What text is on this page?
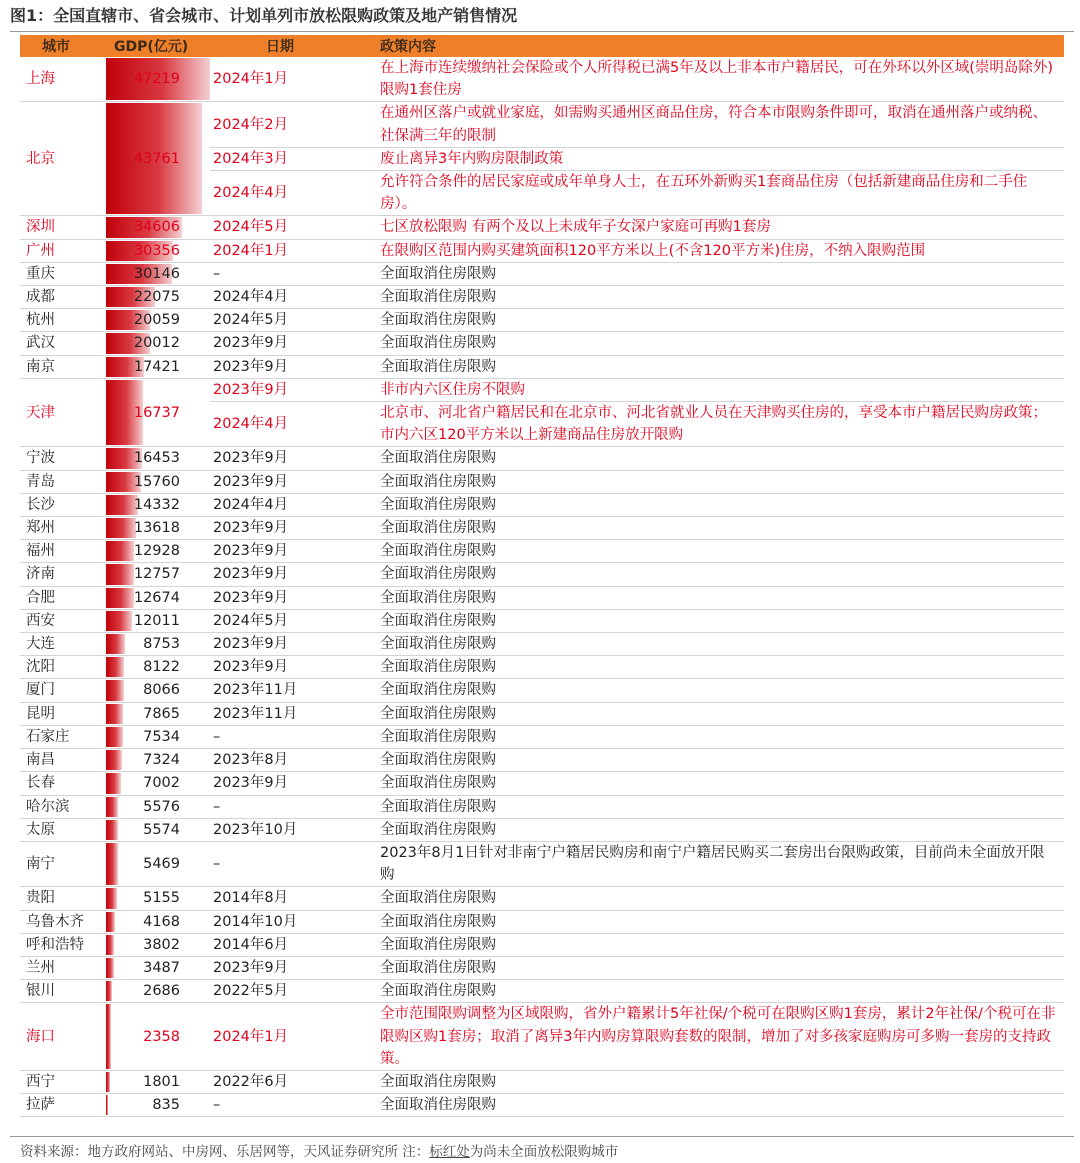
图1：全国直辖市、省会城市、计划单列市放松限购政策及地产销售情况
城市	GDP(亿元)	日期	政策内容
上海	47219	2024年1月	在上海市连续缴纳社会保险或个人所得税已满5年及以上非本市户籍居民，可在外环以外区域(崇明岛除外)限购1套住房
北京	43761	2024年2月	在通州区落户或就业家庭，如需购买通州区商品住房，符合本市限购条件即可，取消在通州落户或纳税、社保满三年的限制
		2024年3月	废止离异3年内购房限制政策
		2024年4月	允许符合条件的居民家庭或成年单身人士，在五环外新购买1套商品住房（包括新建商品住房和二手住房）。
深圳	34606	2024年5月	七区放松限购 有两个及以上未成年子女深户家庭可再购1套房
广州	30356	2024年1月	在限购区范围内购买建筑面积120平方米以上(不含120平方米)住房，不纳入限购范围
重庆	30146	–	全面取消住房限购
成都	22075	2024年4月	全面取消住房限购
杭州	20059	2024年5月	全面取消住房限购
武汉	20012	2023年9月	全面取消住房限购
南京	17421	2023年9月	全面取消住房限购
天津	16737	2023年9月	非市内六区住房不限购
		2024年4月	北京市、河北省户籍居民和在北京市、河北省就业人员在天津购买住房的，享受本市户籍居民购房政策；市内六区120平方米以上新建商品住房放开限购
宁波	16453	2023年9月	全面取消住房限购
青岛	15760	2023年9月	全面取消住房限购
长沙	14332	2024年4月	全面取消住房限购
郑州	13618	2023年9月	全面取消住房限购
福州	12928	2023年9月	全面取消住房限购
济南	12757	2023年9月	全面取消住房限购
合肥	12674	2023年9月	全面取消住房限购
西安	12011	2024年5月	全面取消住房限购
大连	8753	2023年9月	全面取消住房限购
沈阳	8122	2023年9月	全面取消住房限购
厦门	8066	2023年11月	全面取消住房限购
昆明	7865	2023年11月	全面取消住房限购
石家庄	7534	–	全面取消住房限购
南昌	7324	2023年8月	全面取消住房限购
长春	7002	2023年9月	全面取消住房限购
哈尔滨	5576	–	全面取消住房限购
太原	5574	2023年10月	全面取消住房限购
南宁	5469	–	2023年8月1日针对非南宁户籍居民购房和南宁户籍居民购买二套房出台限购政策，目前尚未全面放开限购
贵阳	5155	2014年8月	全面取消住房限购
乌鲁木齐	4168	2014年10月	全面取消住房限购
呼和浩特	3802	2014年6月	全面取消住房限购
兰州	3487	2023年9月	全面取消住房限购
银川	2686	2022年5月	全面取消住房限购
海口	2358	2024年1月	全市范围限购调整为区域限购，省外户籍累计5年社保/个税可在限购区购1套房，累计2年社保/个税可在非限购区购1套房；取消了离异3年内购房算限购套数的限制，增加了对多孩家庭购房可多购一套房的支持政策。
西宁	1801	2022年6月	全面取消住房限购
拉萨	835	–	全面取消住房限购
资料来源：地方政府网站、中房网、乐居网等，天风证券研究所 注：标红处为尚未全面放松限购城市
